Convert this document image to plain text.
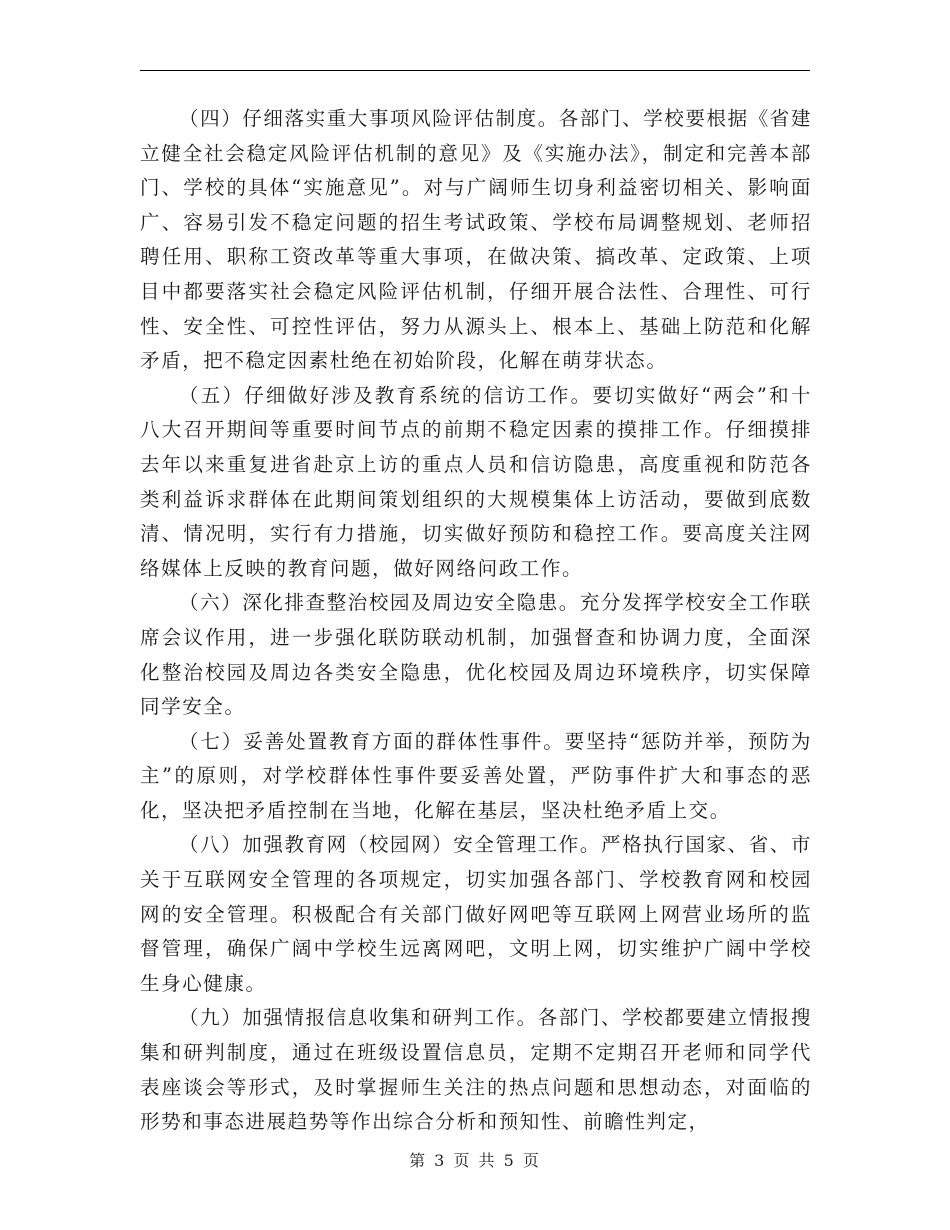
（四）仔细落实重大事项风险评估制度。各部门、学校要根据《省建立健全社会稳定风险评估机制的意见》及《实施办法》，制定和完善本部门、学校的具体“实施意见”。对与广阔师生切身利益密切相关、影响面广、容易引发不稳定问题的招生考试政策、学校布局调整规划、老师招聘任用、职称工资改革等重大事项，在做决策、搞改革、定政策、上项目中都要落实社会稳定风险评估机制，仔细开展合法性、合理性、可行性、安全性、可控性评估，努力从源头上、根本上、基础上防范和化解矛盾，把不稳定因素杜绝在初始阶段，化解在萌芽状态。

（五）仔细做好涉及教育系统的信访工作。要切实做好“两会”和十八大召开期间等重要时间节点的前期不稳定因素的摸排工作。仔细摸排去年以来重复进省赴京上访的重点人员和信访隐患，高度重视和防范各类利益诉求群体在此期间策划组织的大规模集体上访活动，要做到底数清、情况明，实行有力措施，切实做好预防和稳控工作。要高度关注网络媒体上反映的教育问题，做好网络问政工作。

（六）深化排查整治校园及周边安全隐患。充分发挥学校安全工作联席会议作用，进一步强化联防联动机制，加强督查和协调力度，全面深化整治校园及周边各类安全隐患，优化校园及周边环境秩序，切实保障同学安全。

（七）妥善处置教育方面的群体性事件。要坚持“惩防并举，预防为主”的原则，对学校群体性事件要妥善处置，严防事件扩大和事态的恶化，坚决把矛盾控制在当地，化解在基层，坚决杜绝矛盾上交。

（八）加强教育网（校园网）安全管理工作。严格执行国家、省、市关于互联网安全管理的各项规定，切实加强各部门、学校教育网和校园网的安全管理。积极配合有关部门做好网吧等互联网上网营业场所的监督管理，确保广阔中学校生远离网吧，文明上网，切实维护广阔中学校生身心健康。

（九）加强情报信息收集和研判工作。各部门、学校都要建立情报搜集和研判制度，通过在班级设置信息员，定期不定期召开老师和同学代表座谈会等形式，及时掌握师生关注的热点问题和思想动态，对面临的形势和事态进展趋势等作出综合分析和预知性、前瞻性判定，

第 3 页 共 5 页
